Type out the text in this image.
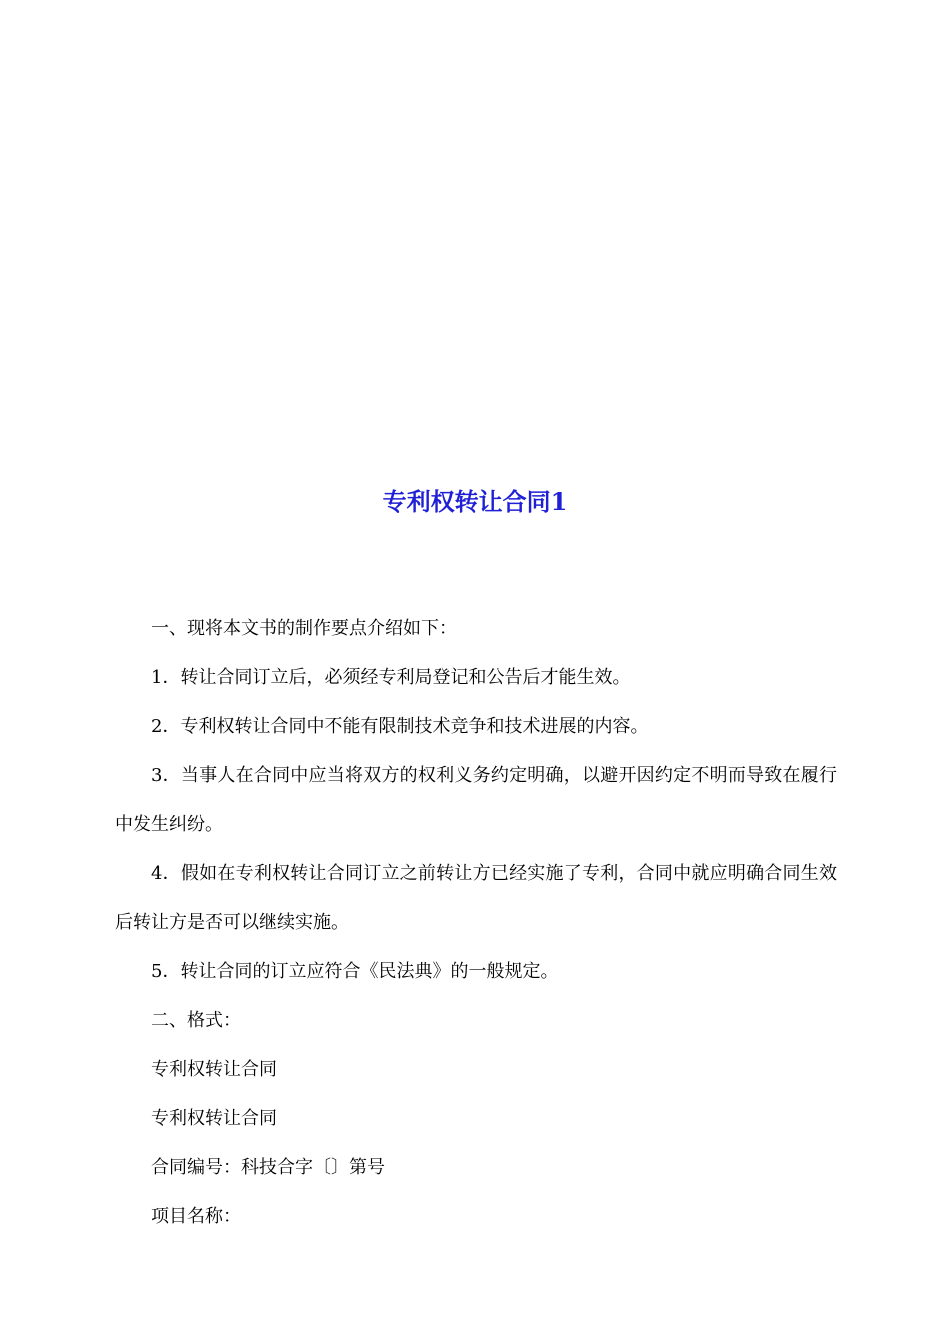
专利权转让合同1

一、现将本文书的制作要点介绍如下：

1．转让合同订立后，必须经专利局登记和公告后才能生效。

2．专利权转让合同中不能有限制技术竞争和技术进展的内容。

3．当事人在合同中应当将双方的权利义务约定明确，以避开因约定不明而导致在履行中发生纠纷。

4．假如在专利权转让合同订立之前转让方已经实施了专利，合同中就应明确合同生效后转让方是否可以继续实施。

5．转让合同的订立应符合《民法典》的一般规定。

二、格式：

专利权转让合同

专利权转让合同

合同编号：科技合字〔〕第号

项目名称：
